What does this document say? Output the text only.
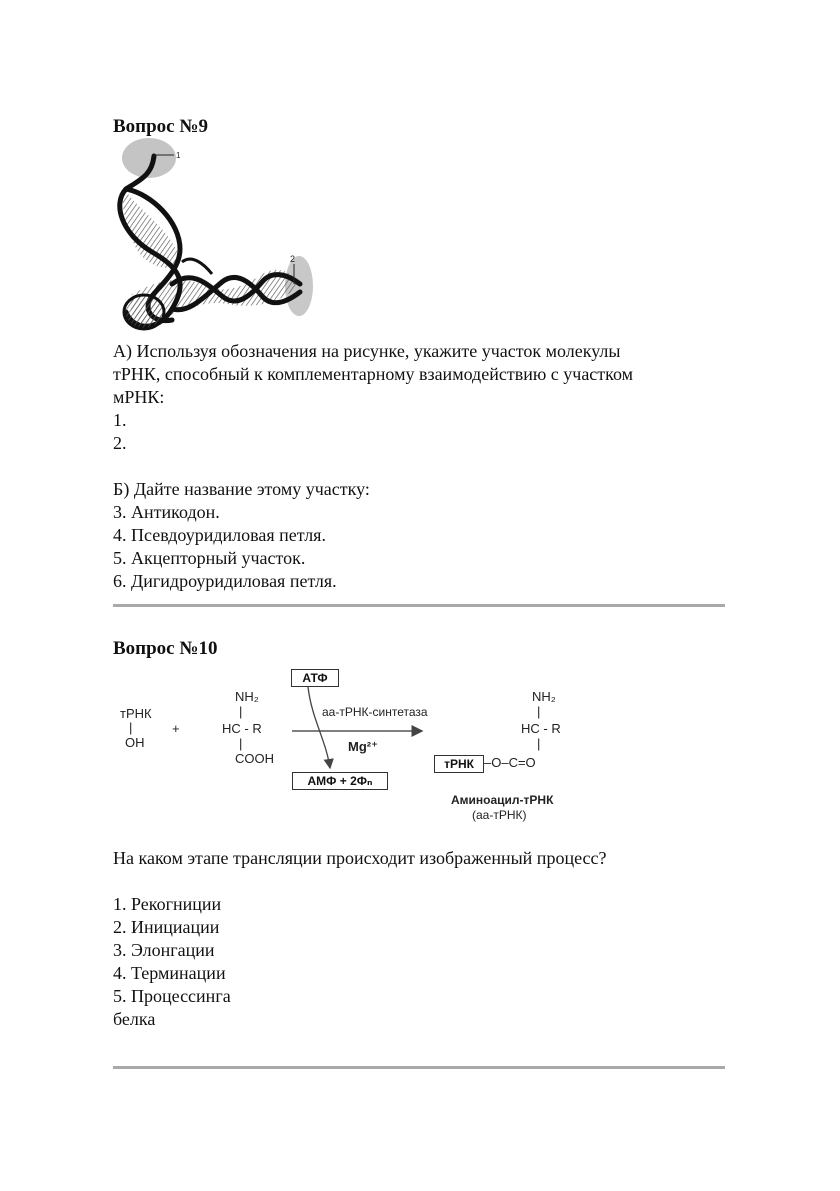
Вопрос №9
1
2
А) Используя обозначения на рисунке, укажите участок молекулы
тРНК, способный к комплементарному взаимодействию с участком
мРНК:
1.
2.
Б) Дайте название этому участку:
3. Антикодон.
4. Псевдоуридиловая петля.
5. Акцепторный участок.
6. Дигидроуридиловая петля.
Вопрос №10
тРНК
|
OH
+
NH₂
|
HC - R
|
COOH
АТФ
аа-тРНК-синтетаза
Mg²⁺
АМФ + 2Фₙ
NH₂
|
HC - R
|
тРНК –O–C=O
Аминоацил-тРНК
(аа-тРНК)
На каком этапе трансляции происходит изображенный процесс?
1. Рекогниции
2. Инициации
3. Элонгации
4. Терминации
5. Процессинга
белка
